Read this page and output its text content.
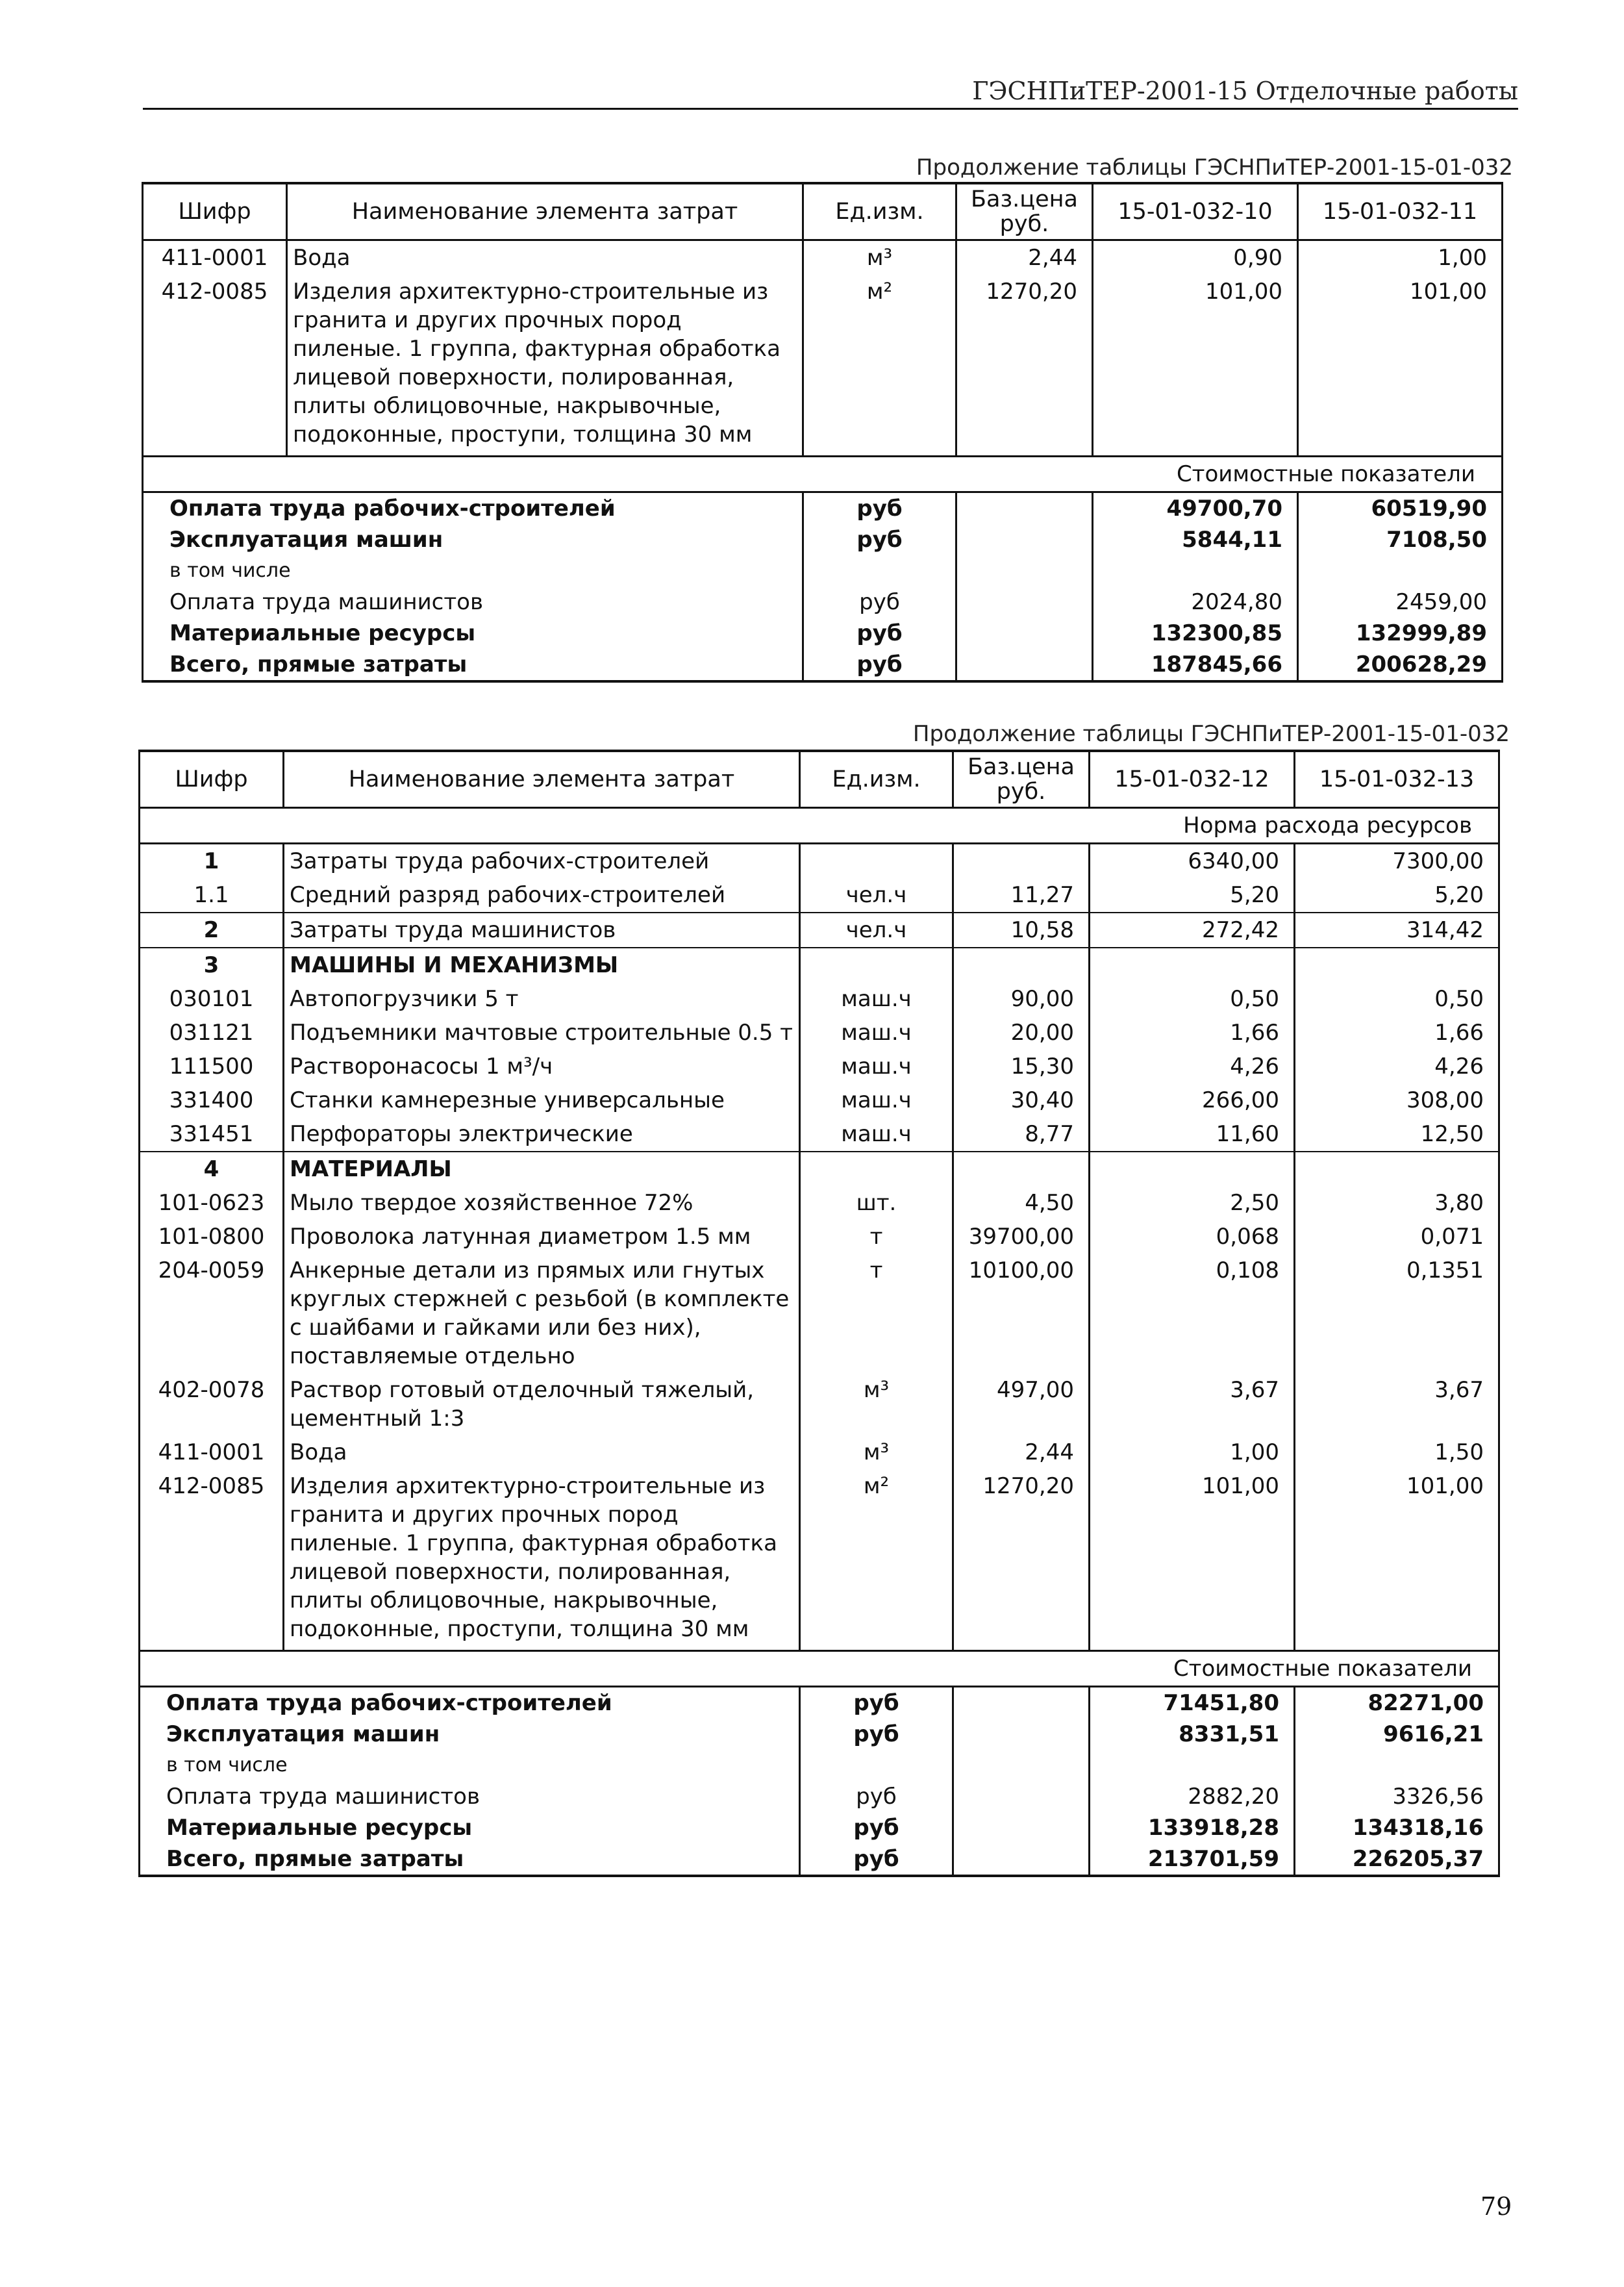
ГЭСНПиТЕР-2001-15 Отделочные работы
Продолжение таблицы ГЭСНПиТЕР-2001-15-01-032
Шифр	Наименование элемента затрат	Ед.изм.	Баз.цена руб.	15-01-032-10	15-01-032-11
411-0001	Вода	м³	2,44	0,90	1,00
412-0085	Изделия архитектурно-строительные из гранита и других прочных пород пиленые. 1 группа, фактурная обработка лицевой поверхности, полированная, плиты облицовочные, накрывочные, подоконные, проступи, толщина 30 мм	м²	1270,20	101,00	101,00
Стоимостные показатели					
Оплата труда рабочих-строителей		руб		49700,70	60519,90
Эксплуатация машин		руб		5844,11	7108,50
в том числе					
Оплата труда машинистов		руб		2024,80	2459,00
Материальные ресурсы		руб		132300,85	132999,89
Всего, прямые затраты		руб		187845,66	200628,29
Продолжение таблицы ГЭСНПиТЕР-2001-15-01-032
Шифр	Наименование элемента затрат	Ед.изм.	Баз.цена руб.	15-01-032-12	15-01-032-13
Норма расхода ресурсов					
1	Затраты труда рабочих-строителей			6340,00	7300,00
1.1	Средний разряд рабочих-строителей	чел.ч	11,27	5,20	5,20
2	Затраты труда машинистов	чел.ч	10,58	272,42	314,42
3	МАШИНЫ И МЕХАНИЗМЫ				
030101	Автопогрузчики 5 т	маш.ч	90,00	0,50	0,50
031121	Подъемники мачтовые строительные 0.5 т	маш.ч	20,00	1,66	1,66
111500	Растворонасосы 1 м³/ч	маш.ч	15,30	4,26	4,26
331400	Станки камнерезные универсальные	маш.ч	30,40	266,00	308,00
331451	Перфораторы электрические	маш.ч	8,77	11,60	12,50
4	МАТЕРИАЛЫ				
101-0623	Мыло твердое хозяйственное 72%	шт.	4,50	2,50	3,80
101-0800	Проволока латунная диаметром 1.5 мм	т	39700,00	0,068	0,071
204-0059	Анкерные детали из прямых или гнутых круглых стержней с резьбой (в комплекте с шайбами и гайками или без них), поставляемые отдельно	т	10100,00	0,108	0,1351
402-0078	Раствор готовый отделочный тяжелый, цементный 1:3	м³	497,00	3,67	3,67
411-0001	Вода	м³	2,44	1,00	1,50
412-0085	Изделия архитектурно-строительные из гранита и других прочных пород пиленые. 1 группа, фактурная обработка лицевой поверхности, полированная, плиты облицовочные, накрывочные, подоконные, проступи, толщина 30 мм	м²	1270,20	101,00	101,00
Стоимостные показатели					
Оплата труда рабочих-строителей		руб		71451,80	82271,00
Эксплуатация машин		руб		8331,51	9616,21
в том числе					
Оплата труда машинистов		руб		2882,20	3326,56
Материальные ресурсы		руб		133918,28	134318,16
Всего, прямые затраты		руб		213701,59	226205,37
79
